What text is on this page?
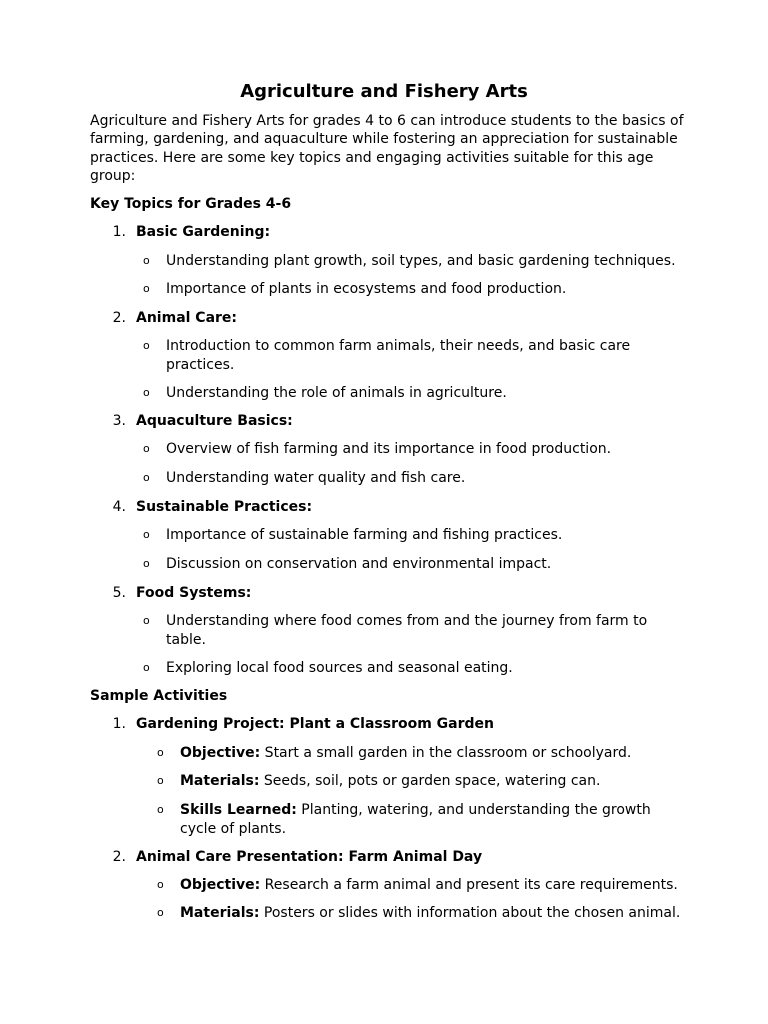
Agriculture and Fishery Arts

Agriculture and Fishery Arts for grades 4 to 6 can introduce students to the basics of farming, gardening, and aquaculture while fostering an appreciation for sustainable practices. Here are some key topics and engaging activities suitable for this age group:

Key Topics for Grades 4-6
1. Basic Gardening:
o Understanding plant growth, soil types, and basic gardening techniques.
o Importance of plants in ecosystems and food production.
2. Animal Care:
o Introduction to common farm animals, their needs, and basic care practices.
o Understanding the role of animals in agriculture.
3. Aquaculture Basics:
o Overview of fish farming and its importance in food production.
o Understanding water quality and fish care.
4. Sustainable Practices:
o Importance of sustainable farming and fishing practices.
o Discussion on conservation and environmental impact.
5. Food Systems:
o Understanding where food comes from and the journey from farm to table.
o Exploring local food sources and seasonal eating.
Sample Activities
1. Gardening Project: Plant a Classroom Garden
o Objective: Start a small garden in the classroom or schoolyard.
o Materials: Seeds, soil, pots or garden space, watering can.
o Skills Learned: Planting, watering, and understanding the growth cycle of plants.
2. Animal Care Presentation: Farm Animal Day
o Objective: Research a farm animal and present its care requirements.
o Materials: Posters or slides with information about the chosen animal.
